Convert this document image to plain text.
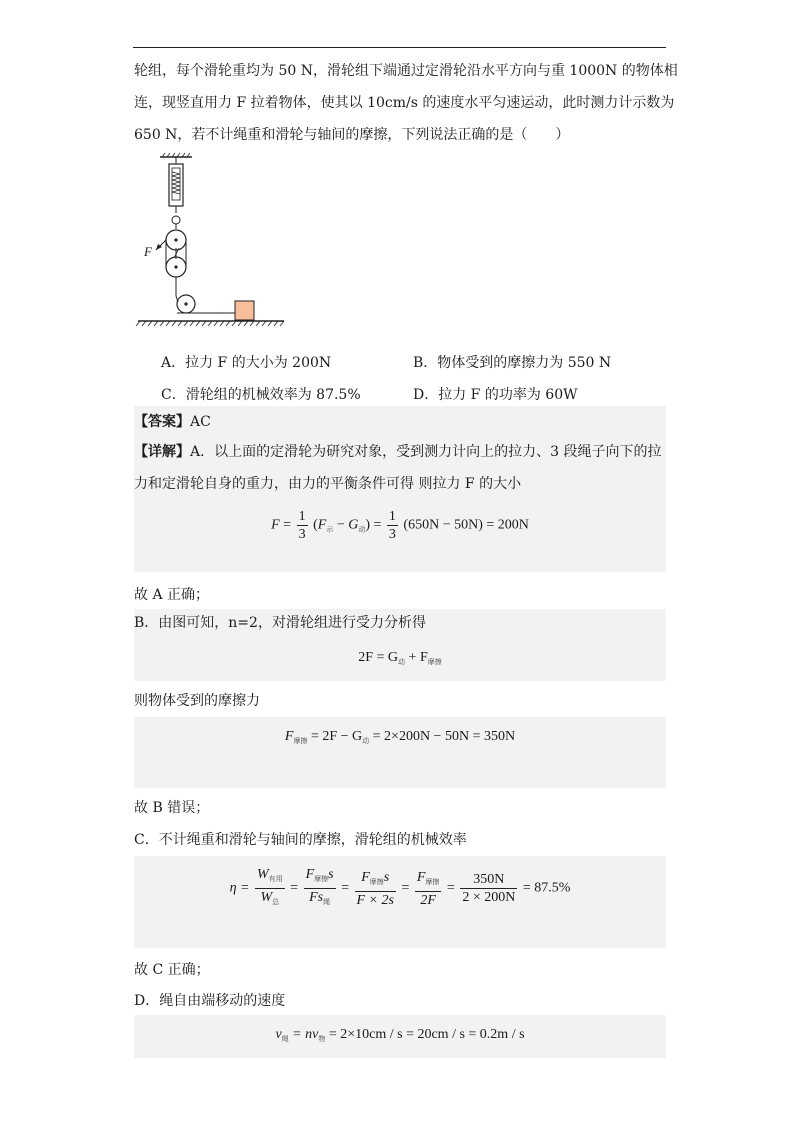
轮组，每个滑轮重均为 50 N，滑轮组下端通过定滑轮沿水平方向与重 1000N 的物体相
连，现竖直用力 F 拉着物体，使其以 10cm/s 的速度水平匀速运动，此时测力计示数为
650 N，若不计绳重和滑轮与轴间的摩擦，下列说法正确的是（　　）
F
A．拉力 F 的大小为 200N	B．物体受到的摩擦力为 550 N
C．滑轮组的机械效率为 87.5%	D．拉力 F 的功率为 60W
【答案】AC
【详解】A．以上面的定滑轮为研究对象，受到测力计向上的拉力、3 段绳子向下的拉
力和定滑轮自身的重力，由力的平衡条件可得 则拉力 F 的大小
$F = \frac{1}{3} (F_示 - G_动) = \frac{1}{3} (650N - 50N) = 200N$
故 A 正确；
B．由图可知，n=2，对滑轮组进行受力分析得
$2F = G_动 + F_{摩擦}$
则物体受到的摩擦力
$F_{摩擦} = 2F - G_动 = 2\times 200N - 50N = 350N$
故 B 错误；
C．不计绳重和滑轮与轴间的摩擦，滑轮组的机械效率
$\eta = \frac{W_{有用}}{W_总} = \frac{F_{摩擦}s}{Fs_绳} = \frac{F_{摩擦}s}{F \times 2s} = \frac{F_{摩擦}}{2F} = \frac{350N}{2 \times 200N} = 87.5\%$
故 C 正确；
D．绳自由端移动的速度
$v_绳 = nv_物 = 2\times 10cm / s = 20cm / s = 0.2m / s$
